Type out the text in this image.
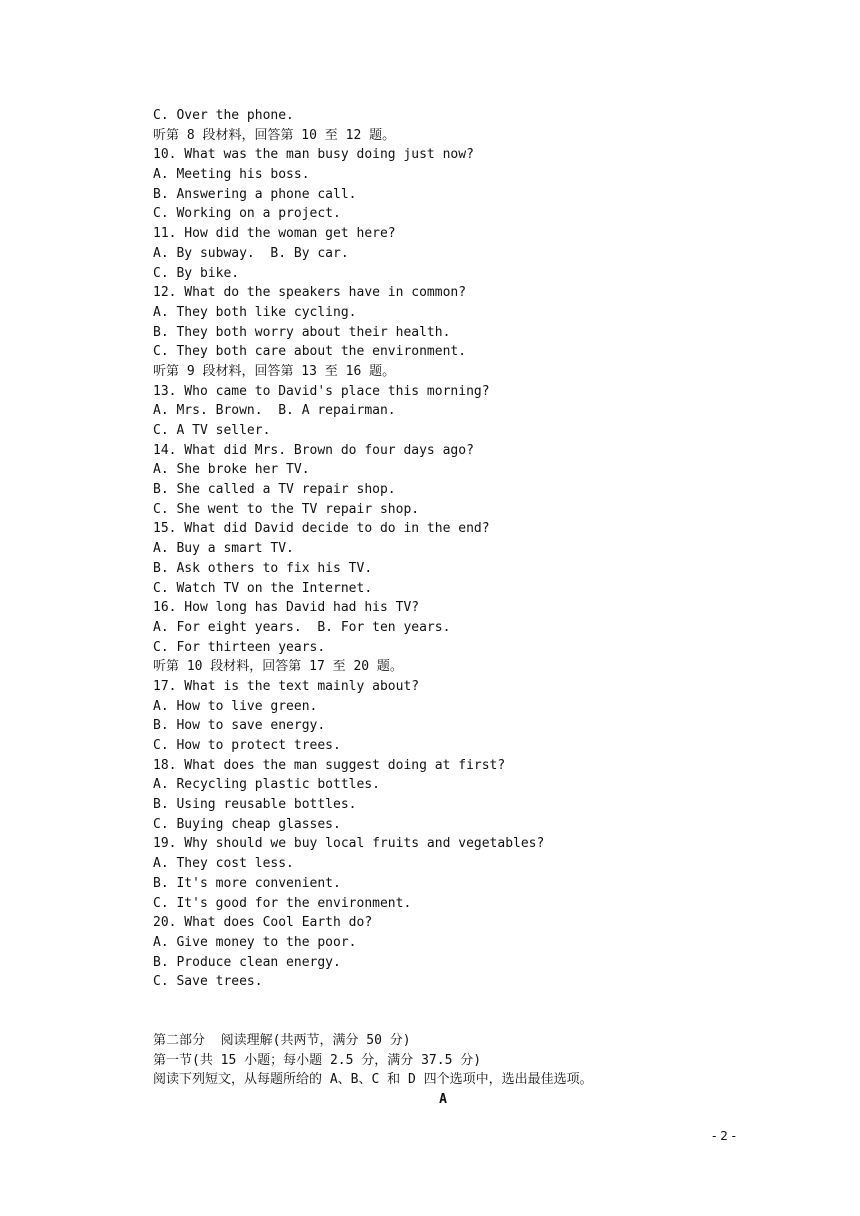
C. Over the phone.
听第 8 段材料，回答第 10 至 12 题。
10. What was the man busy doing just now?
A. Meeting his boss.
B. Answering a phone call.
C. Working on a project.
11. How did the woman get here?
A. By subway.  B. By car.
C. By bike.
12. What do the speakers have in common?
A. They both like cycling.
B. They both worry about their health.
C. They both care about the environment.
听第 9 段材料，回答第 13 至 16 题。
13. Who came to David's place this morning?
A. Mrs. Brown.  B. A repairman.
C. A TV seller.
14. What did Mrs. Brown do four days ago?
A. She broke her TV.
B. She called a TV repair shop.
C. She went to the TV repair shop.
15. What did David decide to do in the end?
A. Buy a smart TV.
B. Ask others to fix his TV.
C. Watch TV on the Internet.
16. How long has David had his TV?
A. For eight years.  B. For ten years.
C. For thirteen years.
听第 10 段材料，回答第 17 至 20 题。
17. What is the text mainly about?
A. How to live green.
B. How to save energy.
C. How to protect trees.
18. What does the man suggest doing at first?
A. Recycling plastic bottles.
B. Using reusable bottles.
C. Buying cheap glasses.
19. Why should we buy local fruits and vegetables?
A. They cost less.
B. It's more convenient.
C. It's good for the environment.
20. What does Cool Earth do?
A. Give money to the poor.
B. Produce clean energy.
C. Save trees.
第二部分  阅读理解(共两节，满分 50 分)
第一节(共 15 小题；每小题 2.5 分，满分 37.5 分)
阅读下列短文，从每题所给的 A、B、C 和 D 四个选项中，选出最佳选项。
A
- 2 -
